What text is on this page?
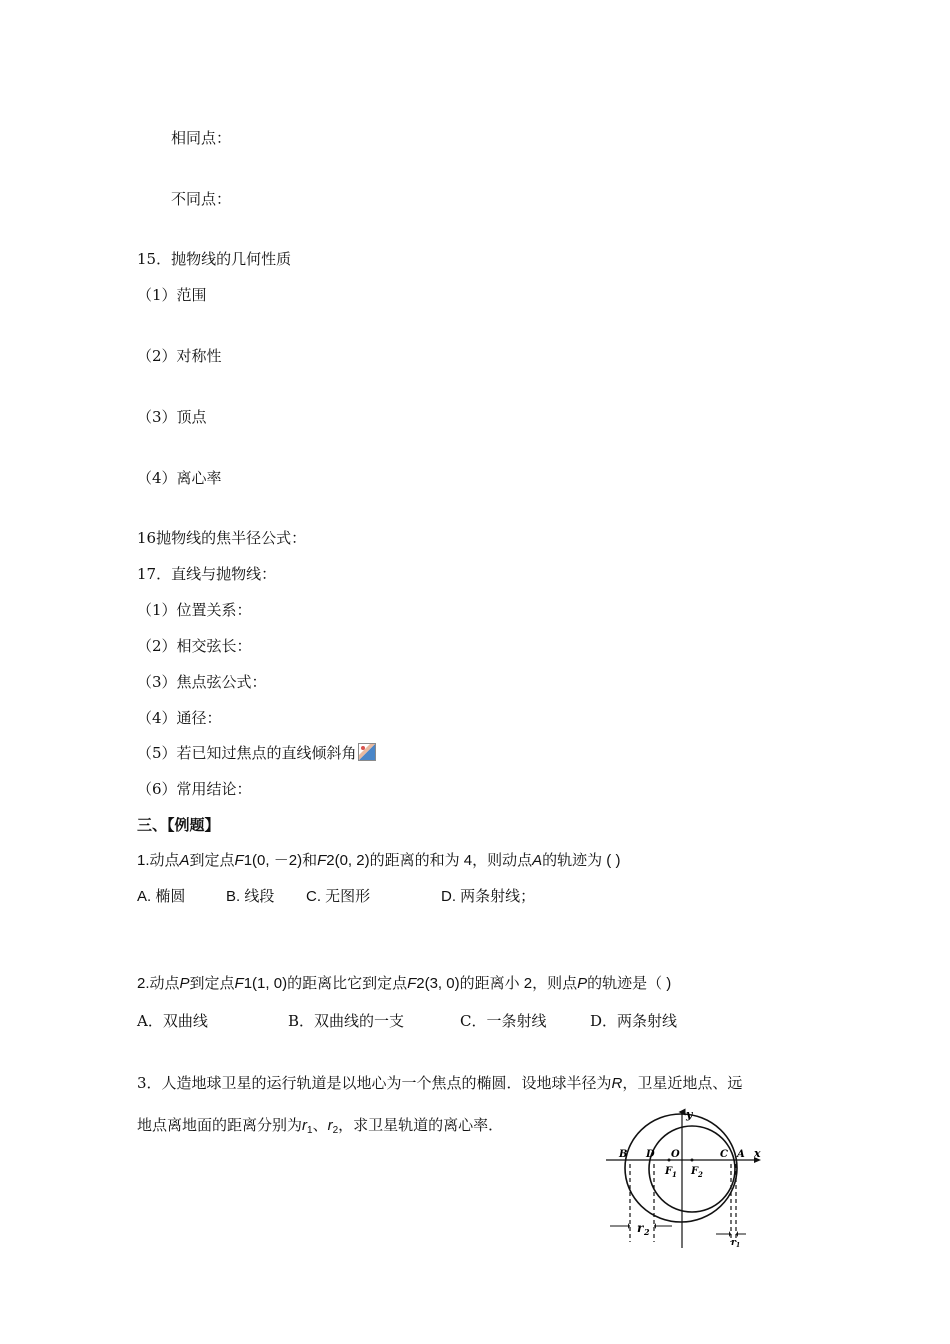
相同点：
不同点：
15．抛物线的几何性质
（1）范围
（2）对称性
（3）顶点
（4）离心率
16抛物线的焦半径公式：
17．直线与抛物线：
（1）位置关系：
（2）相交弦长：
（3）焦点弦公式：
（4）通径：
（5）若已知过焦点的直线倾斜角
（6）常用结论：
三、【例题】
1.动点A到定点F1(0, －2)和F2(0, 2)的距离的和为 4，则动点A的轨迹为 ( )
A. 椭圆	B. 线段 C. 无图形	D. 两条射线；
2.动点P到定点F1(1, 0)的距离比它到定点F2(3, 0)的距离小 2，则点P的轨迹是（ )
A．双曲线	B．双曲线的一支	C．一条射线	D．两条射线
3．人造地球卫星的运行轨道是以地心为一个焦点的椭圆．设地球半径为R，卫星近地点、远
地点离地面的距离分别为$r_1$、$r_2$，求卫星轨道的离心率．
y
x
B D O	C A
F 1 F 2
r 2
r 1
